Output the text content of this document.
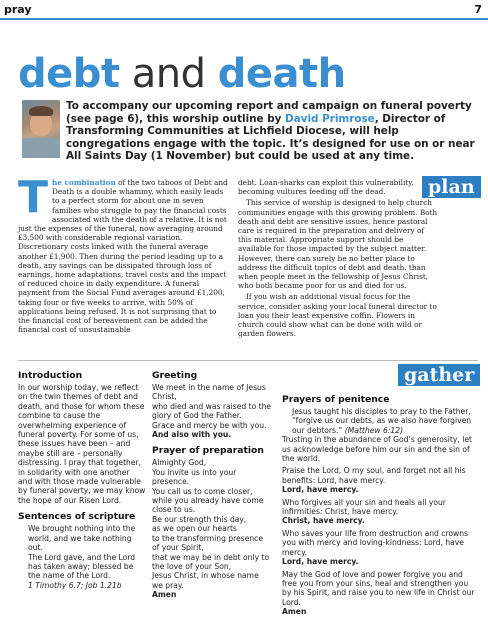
pray	7
debt and death
To accompany our upcoming report and campaign on funeral poverty (see page 6), this worship outline by David Primrose, Director of Transforming Communities at Lichfield Diocese, will help congregations engage with the topic. It’s designed for use on or near All Saints Day (1 November) but could be used at any time.
plan
The combination of the two taboos of Debt and Death is a double whammy, which easily leads to a perfect storm for about one in seven families who struggle to pay the financial costs associated with the death of a relative. It is not just the expenses of the funeral, now averaging around £3,500 with considerable regional variation. Discretionary costs linked with the funeral average another £1,900. Then during the period leading up to a death, any savings can be dissipated through loss of earnings, home adaptations, travel costs and the impact of reduced choice in daily expenditure. A funeral payment from the Social Fund averages around £1,200, taking four or five weeks to arrive, with 50% of applications being refused. It is not surprising that to the financial cost of bereavement can be added the financial cost of unsustainable

debt. Loan-sharks can exploit this vulnerability, becoming vultures feeding off the dead.

This service of worship is designed to help church communities engage with this growing problem. Both death and debt are sensitive issues, hence pastoral care is required in the preparation and delivery of this material. Appropriate support should be available for those impacted by the subject matter. However, there can surely be no better place to address the difficult topics of debt and death, than when people meet in the fellowship of Jesus Christ, who both became poor for us and died for us.

If you wish an additional visual focus for the service, consider asking your local funeral director to loan you their least expensive coffin. Flowers in church could show what can be done with wild or garden flowers.

gather
Introduction

In our worship today, we reflect on the twin themes of debt and death, and those for whom these combine to cause the overwhelming experience of funeral poverty. For some of us, these issues have been – and maybe still are – personally distressing. I pray that together, in solidarity with one another and with those made vulnerable by funeral poverty, we may know the hope of our Risen Lord.

Sentences of scripture

We brought nothing into the world, and we take nothing out.

The Lord gave, and the Lord has taken away; blessed be the name of the Lord.

1 Timothy 6.7; Job 1.21b

Greeting

We meet in the name of Jesus Christ,

who died and was raised to the glory of God the Father.

Grace and mercy be with you.

And also with you.

Prayer of preparation

Almighty God,

You invite us into your presence.

You call us to come closer,

while you already have come close to us.

Be our strength this day,

as we open our hearts

to the transforming presence of your Spirit,

that we may be in debt only to the love of your Son,

Jesus Christ, in whose name we pray.

Amen

Prayers of penitence

Jesus taught his disciples to pray to the Father, “forgive us our debts, as we also have forgiven our debtors.” (Matthew 6:12)

Trusting in the abundance of God’s generosity, let us acknowledge before him our sin and the sin of the world.

Praise the Lord, O my soul, and forget not all his benefits: Lord, have mercy.

Lord, have mercy.

Who forgives all your sin and heals all your infirmities: Christ, have mercy.

Christ, have mercy.

Who saves your life from destruction and crowns you with mercy and loving-kindness: Lord, have mercy.

Lord, have mercy.

May the God of love and power forgive you and free you from your sins, heal and strengthen you by his Spirit, and raise you to new life in Christ our Lord.

Amen
